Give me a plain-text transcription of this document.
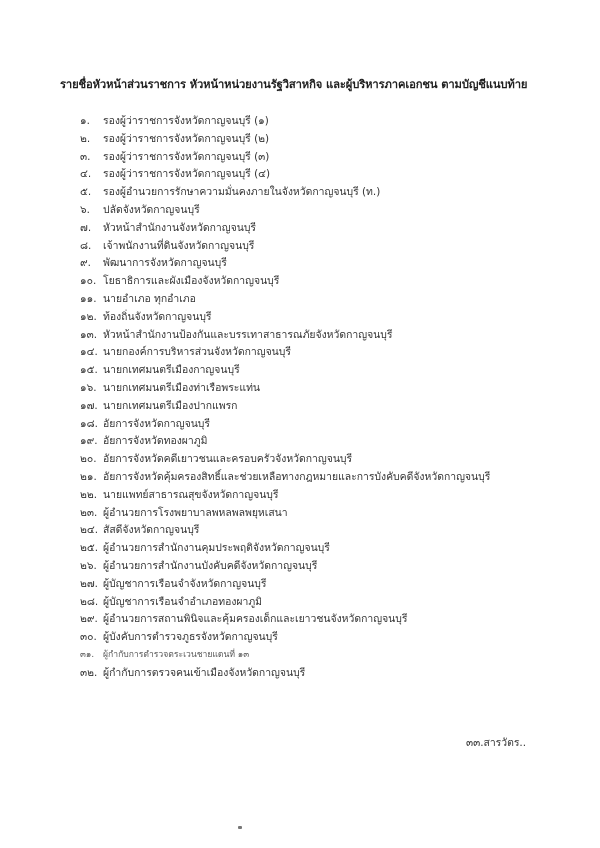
รายชื่อหัวหน้าส่วนราชการ หัวหน้าหน่วยงานรัฐวิสาหกิจ และผู้บริหารภาคเอกชน ตามบัญชีแนบท้าย
๑.	รองผู้ว่าราชการจังหวัดกาญจนบุรี (๑)
๒.	รองผู้ว่าราชการจังหวัดกาญจนบุรี (๒)
๓.	รองผู้ว่าราชการจังหวัดกาญจนบุรี (๓)
๔.	รองผู้ว่าราชการจังหวัดกาญจนบุรี (๔)
๕.	รองผู้อำนวยการรักษาความมั่นคงภายในจังหวัดกาญจนบุรี (ท.)
๖.	ปลัดจังหวัดกาญจนบุรี
๗.	หัวหน้าสำนักงานจังหวัดกาญจนบุรี
๘.	เจ้าพนักงานที่ดินจังหวัดกาญจนบุรี
๙.	พัฒนาการจังหวัดกาญจนบุรี
๑๐. โยธาธิการและผังเมืองจังหวัดกาญจนบุรี
๑๑. นายอำเภอ ทุกอำเภอ
๑๒. ท้องถิ่นจังหวัดกาญจนบุรี
๑๓. หัวหน้าสำนักงานป้องกันและบรรเทาสาธารณภัยจังหวัดกาญจนบุรี
๑๔. นายกองค์การบริหารส่วนจังหวัดกาญจนบุรี
๑๕. นายกเทศมนตรีเมืองกาญจนบุรี
๑๖. นายกเทศมนตรีเมืองท่าเรือพระแท่น
๑๗. นายกเทศมนตรีเมืองปากแพรก
๑๘. อัยการจังหวัดกาญจนบุรี
๑๙. อัยการจังหวัดทองผาภูมิ
๒๐. อัยการจังหวัดคดีเยาวชนและครอบครัวจังหวัดกาญจนบุรี
๒๑. อัยการจังหวัดคุ้มครองสิทธิ์และช่วยเหลือทางกฎหมายและการบังคับคดีจังหวัดกาญจนบุรี
๒๒. นายแพทย์สาธารณสุขจังหวัดกาญจนบุรี
๒๓. ผู้อำนวยการโรงพยาบาลพหลพลพยุหเสนา
๒๔. สัสดีจังหวัดกาญจนบุรี
๒๕. ผู้อำนวยการสำนักงานคุมประพฤติจังหวัดกาญจนบุรี
๒๖. ผู้อำนวยการสำนักงานบังคับคดีจังหวัดกาญจนบุรี
๒๗. ผู้บัญชาการเรือนจำจังหวัดกาญจนบุรี
๒๘. ผู้บัญชาการเรือนจำอำเภอทองผาภูมิ
๒๙. ผู้อำนวยการสถานพินิจและคุ้มครองเด็กและเยาวชนจังหวัดกาญจนบุรี
๓๐. ผู้บังคับการตำรวจภูธรจังหวัดกาญจนบุรี
๓๑.	ผู้กำกับการตำรวจตระเวนชายแดนที่ ๑๓
๓๒. ผู้กำกับการตรวจคนเข้าเมืองจังหวัดกาญจนบุรี
๓๓.สารวัตร..
